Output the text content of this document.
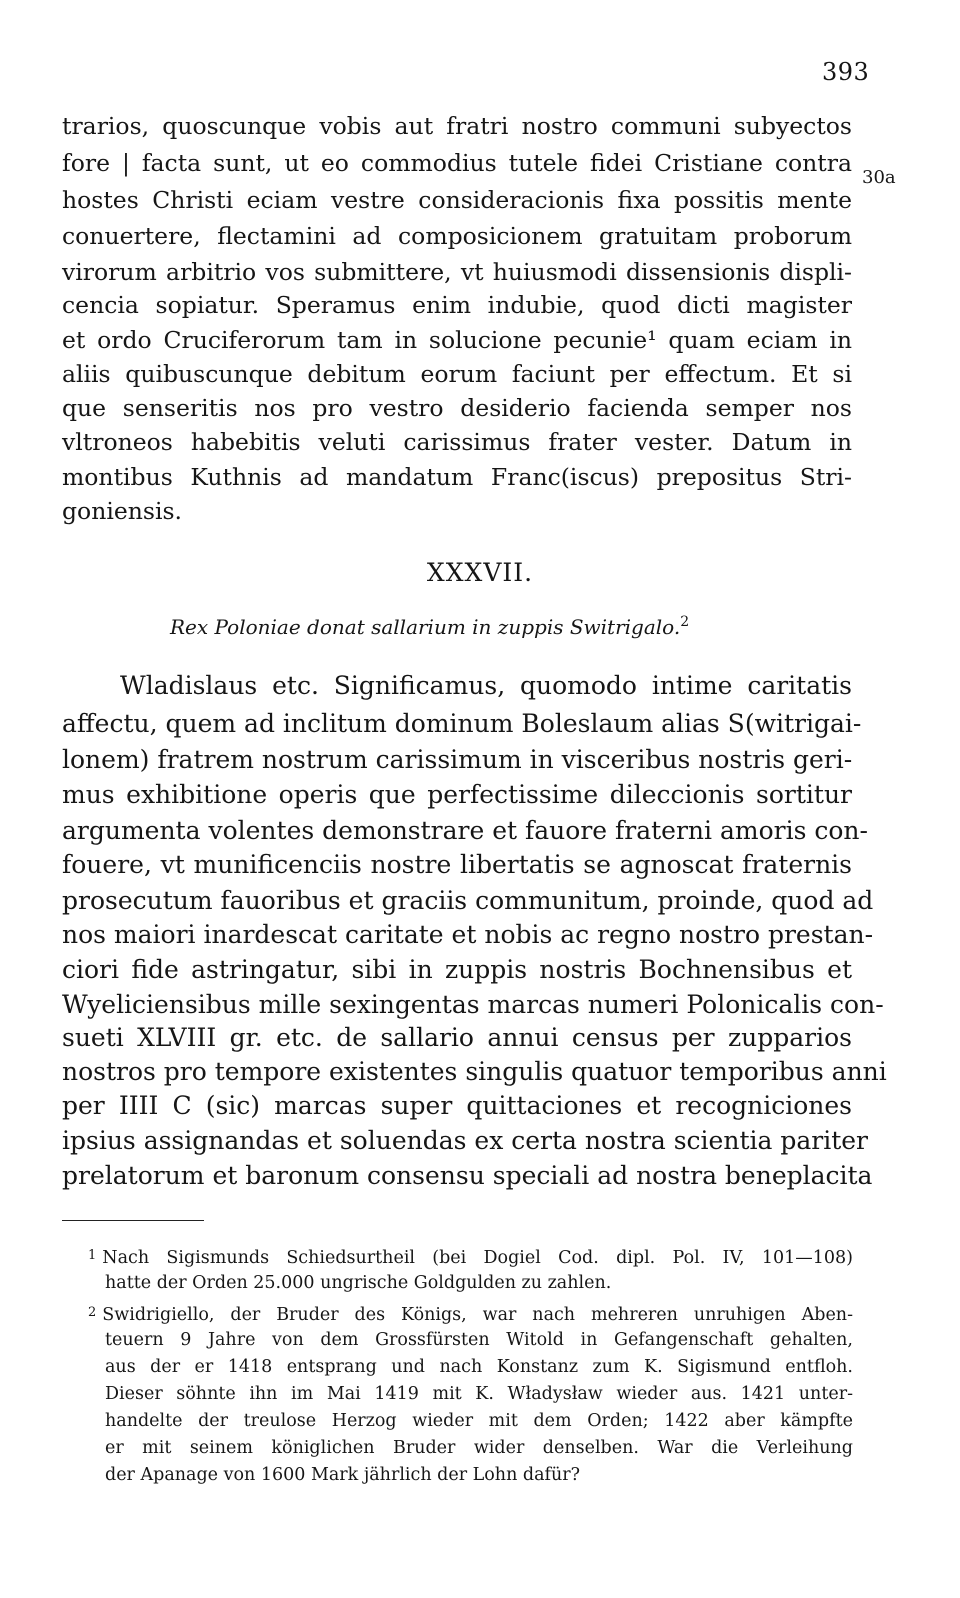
393
trarios, quoscunque vobis aut fratri nostro communi subyectos
fore | facta sunt, ut eo commodius tutele fidei Cristiane contra
30a
hostes Christi eciam vestre consideracionis fixa possitis mente
conuertere, flectamini ad composicionem gratuitam proborum
virorum arbitrio vos submittere, vt huiusmodi dissensionis displi-
cencia sopiatur. Speramus enim indubie, quod dicti magister
et ordo Cruciferorum tam in solucione pecunie¹ quam eciam in
aliis quibuscunque debitum eorum faciunt per effectum. Et si
que senseritis nos pro vestro desiderio facienda semper nos
vltroneos habebitis veluti carissimus frater vester. Datum in
montibus Kuthnis ad mandatum Franc(iscus) prepositus Stri-
goniensis.
XXXVII.
Rex Poloniae donat sallarium in zuppis Switrigalo.$^2$
Wladislaus etc. Significamus, quomodo intime caritatis
affectu, quem ad inclitum dominum Boleslaum alias S(witrigai-
lonem) fratrem nostrum carissimum in visceribus nostris geri-
mus exhibitione operis que perfectissime dileccionis sortitur
argumenta volentes demonstrare et fauore fraterni amoris con-
fouere, vt munificenciis nostre libertatis se agnoscat fraternis
prosecutum fauoribus et graciis communitum, proinde, quod ad
nos maiori inardescat caritate et nobis ac regno nostro prestan-
ciori fide astringatur, sibi in zuppis nostris Bochnensibus et
Wyeliciensibus mille sexingentas marcas numeri Polonicalis con-
sueti XLVIII gr. etc. de sallario annui census per zupparios
nostros pro tempore existentes singulis quatuor temporibus anni
per IIII C (sic) marcas super quittaciones et recogniciones
ipsius assignandas et soluendas ex certa nostra scientia pariter
prelatorum et baronum consensu speciali ad nostra beneplacita
$^1$ Nach Sigismunds Schiedsurtheil (bei Dogiel Cod. dipl. Pol. IV, 101—108)
hatte der Orden 25.000 ungrische Goldgulden zu zahlen.
$^2$ Swidrigiello, der Bruder des Königs, war nach mehreren unruhigen Aben-
teuern 9 Jahre von dem Grossfürsten Witold in Gefangenschaft gehalten,
aus der er 1418 entsprang und nach Konstanz zum K. Sigismund entfloh.
Dieser söhnte ihn im Mai 1419 mit K. Władysław wieder aus. 1421 unter-
handelte der treulose Herzog wieder mit dem Orden; 1422 aber kämpfte
er mit seinem königlichen Bruder wider denselben. War die Verleihung
der Apanage von 1600 Mark jährlich der Lohn dafür?
